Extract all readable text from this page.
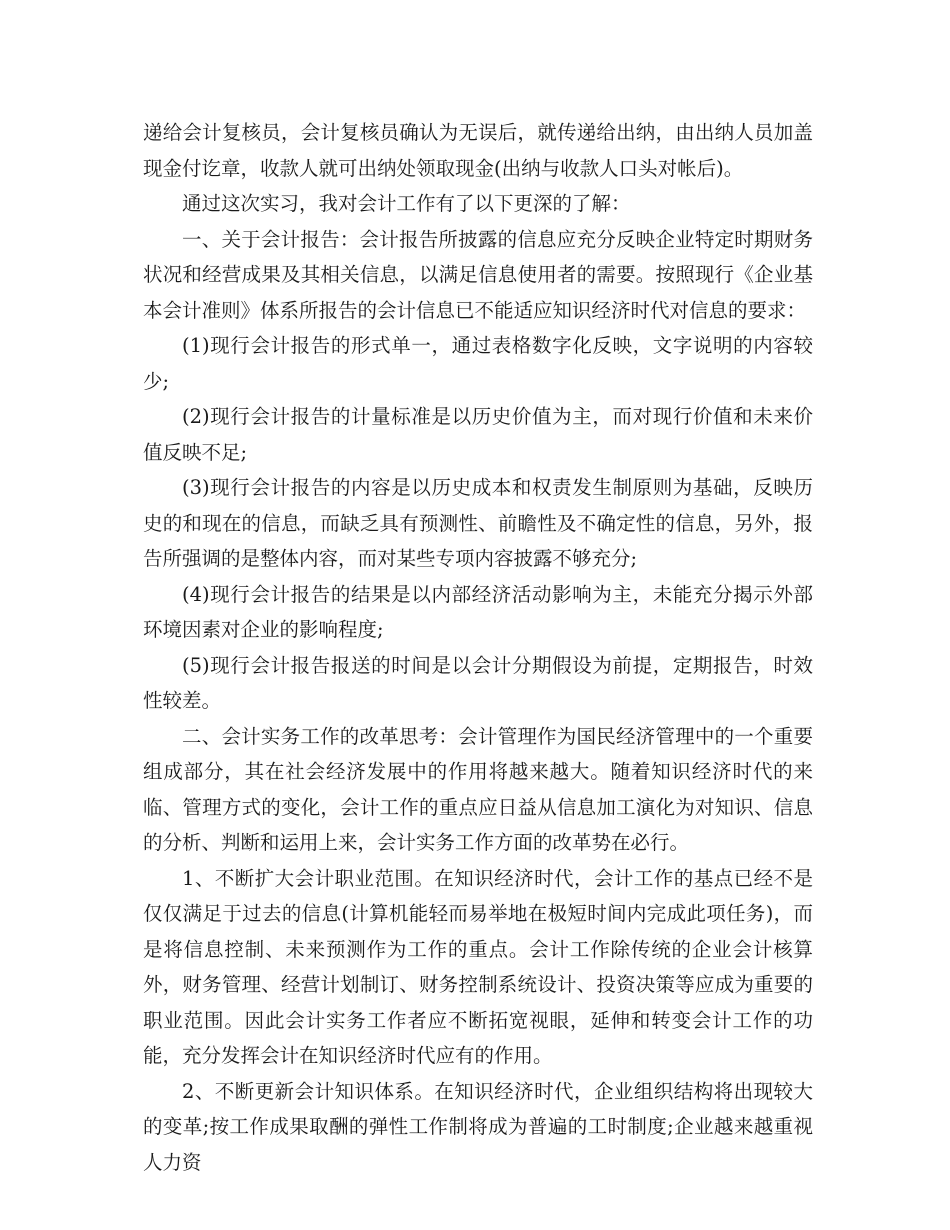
递给会计复核员，会计复核员确认为无误后，就传递给出纳，由出纳人员加盖现金付讫章，收款人就可出纳处领取现金(出纳与收款人口头对帐后)。

通过这次实习，我对会计工作有了以下更深的了解：

一、关于会计报告：会计报告所披露的信息应充分反映企业特定时期财务状况和经营成果及其相关信息，以满足信息使用者的需要。按照现行《企业基本会计准则》体系所报告的会计信息已不能适应知识经济时代对信息的要求：

(1)现行会计报告的形式单一，通过表格数字化反映，文字说明的内容较少;

(2)现行会计报告的计量标准是以历史价值为主，而对现行价值和未来价值反映不足;

(3)现行会计报告的内容是以历史成本和权责发生制原则为基础，反映历史的和现在的信息，而缺乏具有预测性、前瞻性及不确定性的信息，另外，报告所强调的是整体内容，而对某些专项内容披露不够充分;

(4)现行会计报告的结果是以内部经济活动影响为主，未能充分揭示外部环境因素对企业的影响程度;

(5)现行会计报告报送的时间是以会计分期假设为前提，定期报告，时效性较差。

二、会计实务工作的改革思考：会计管理作为国民经济管理中的一个重要组成部分，其在社会经济发展中的作用将越来越大。随着知识经济时代的来临、管理方式的变化，会计工作的重点应日益从信息加工演化为对知识、信息的分析、判断和运用上来，会计实务工作方面的改革势在必行。

1、不断扩大会计职业范围。在知识经济时代，会计工作的基点已经不是仅仅满足于过去的信息(计算机能轻而易举地在极短时间内完成此项任务)，而是将信息控制、未来预测作为工作的重点。会计工作除传统的企业会计核算外，财务管理、经营计划制订、财务控制系统设计、投资决策等应成为重要的职业范围。因此会计实务工作者应不断拓宽视眼，延伸和转变会计工作的功能，充分发挥会计在知识经济时代应有的作用。

2、不断更新会计知识体系。在知识经济时代，企业组织结构将出现较大的变革;按工作成果取酬的弹性工作制将成为普遍的工时制度;企业越来越重视人力资
